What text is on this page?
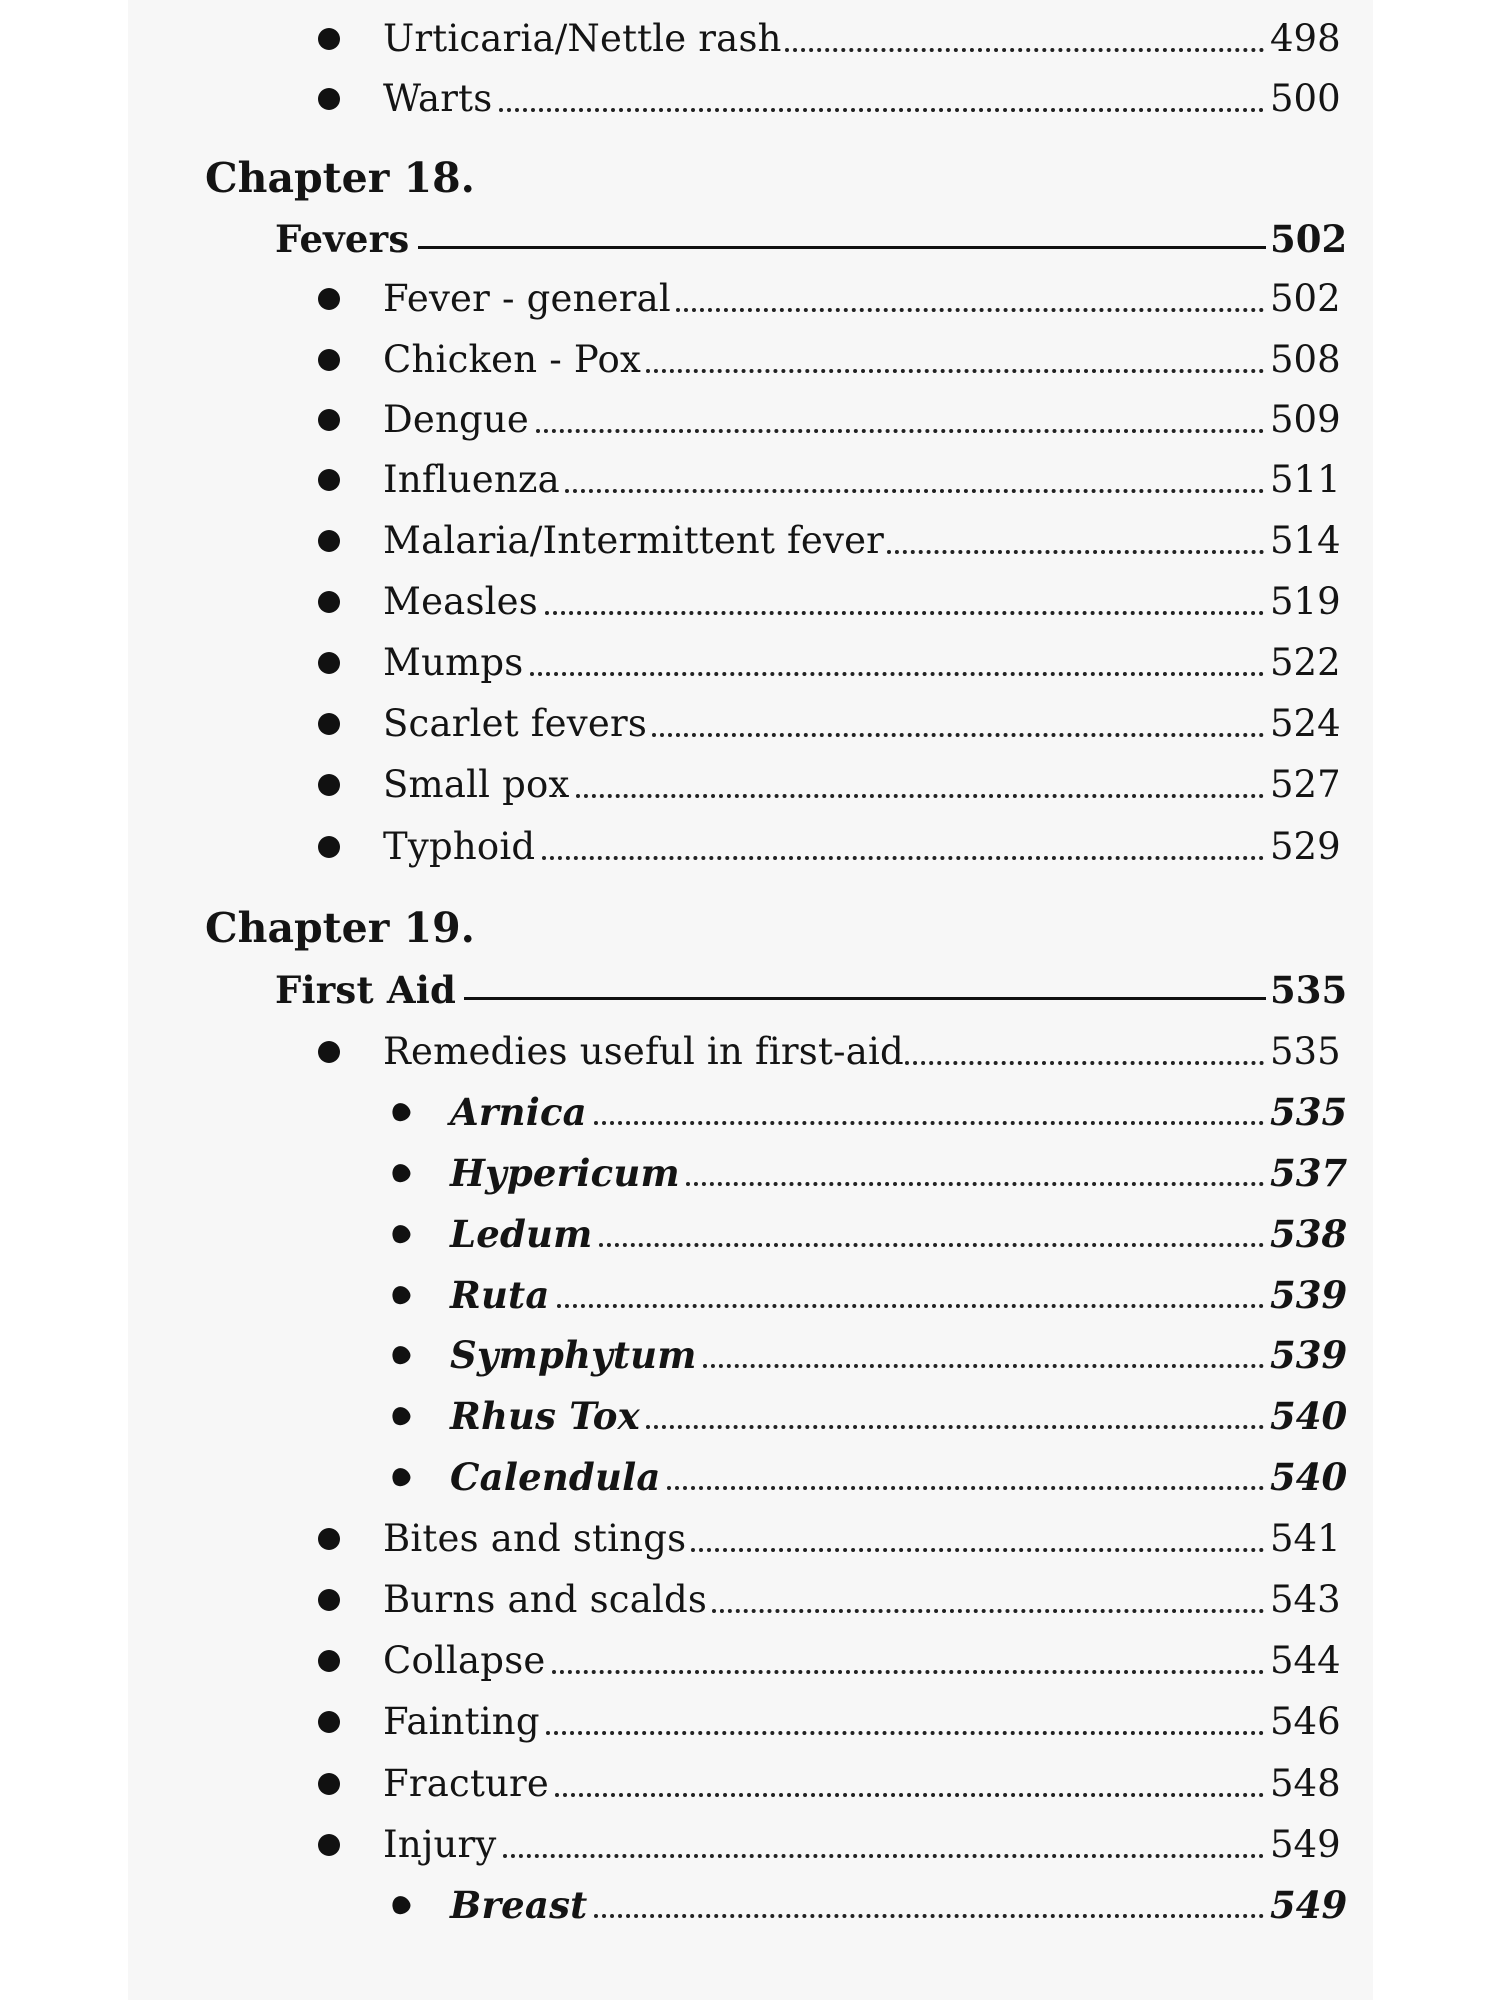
Urticaria/Nettle rash	498
Warts	500
Chapter 18.
Fevers	502
Fever - general	502
Chicken - Pox	508
Dengue	509
Influenza	511
Malaria/Intermittent fever	514
Measles	519
Mumps	522
Scarlet fevers	524
Small pox	527
Typhoid	529
Chapter 19.
First Aid	535
Remedies useful in first-aid	535
Arnica	535
Hypericum	537
Ledum	538
Ruta	539
Symphytum	539
Rhus Tox	540
Calendula	540
Bites and stings	541
Burns and scalds	543
Collapse	544
Fainting	546
Fracture	548
Injury	549
Breast	549
